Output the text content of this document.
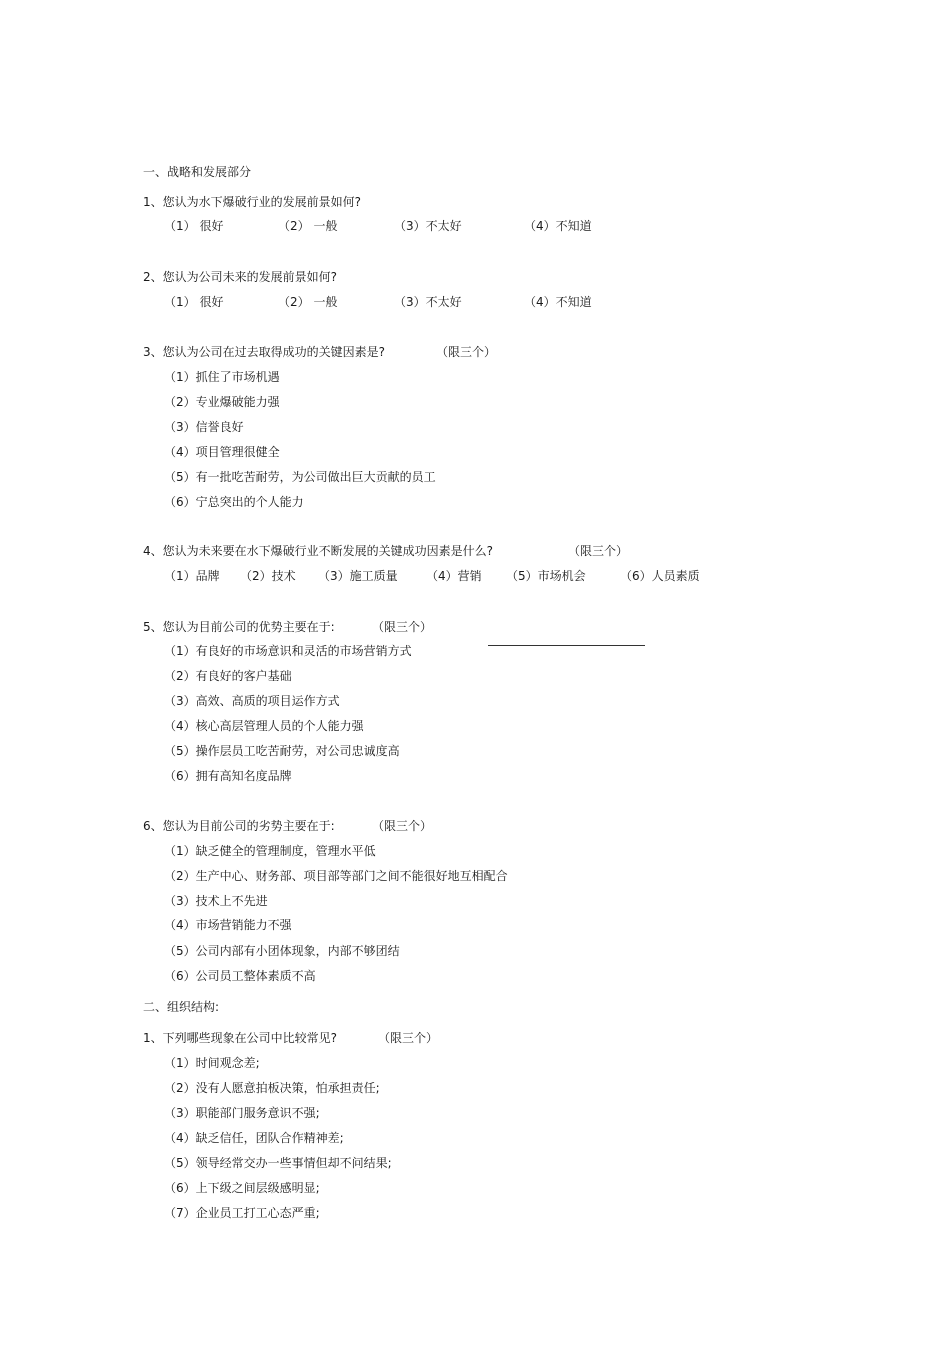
一、战略和发展部分
1、您认为水下爆破行业的发展前景如何?
（1） 很好	（2） 一般	（3）不太好	（4）不知道
2、您认为公司未来的发展前景如何?
（1） 很好	（2） 一般	（3）不太好	（4）不知道
3、您认为公司在过去取得成功的关键因素是?	（限三个）
（1）抓住了市场机遇
（2）专业爆破能力强
（3）信誉良好
（4）项目管理很健全
（5）有一批吃苦耐劳，为公司做出巨大贡献的员工
（6）宁总突出的个人能力
4、您认为未来要在水下爆破行业不断发展的关键成功因素是什么?	（限三个）
（1）品牌 （2）技术 （3）施工质量 （4）营销 （5）市场机会	（6）人员素质
5、您认为目前公司的优势主要在于:	（限三个）
（1）有良好的市场意识和灵活的市场营销方式
（2）有良好的客户基础
（3）高效、高质的项目运作方式
（4）核心高层管理人员的个人能力强
（5）操作层员工吃苦耐劳，对公司忠诚度高
（6）拥有高知名度品牌
6、您认为目前公司的劣势主要在于:	（限三个）
（1）缺乏健全的管理制度，管理水平低
（2）生产中心、财务部、项目部等部门之间不能很好地互相配合
（3）技术上不先进
（4）市场营销能力不强
（5）公司内部有小团体现象，内部不够团结
（6）公司员工整体素质不高
二、组织结构:
1、下列哪些现象在公司中比较常见?	（限三个）
（1）时间观念差;
（2）没有人愿意拍板决策，怕承担责任;
（3）职能部门服务意识不强;
（4）缺乏信任，团队合作精神差;
（5）领导经常交办一些事情但却不问结果;
（6）上下级之间层级感明显;
（7）企业员工打工心态严重;
